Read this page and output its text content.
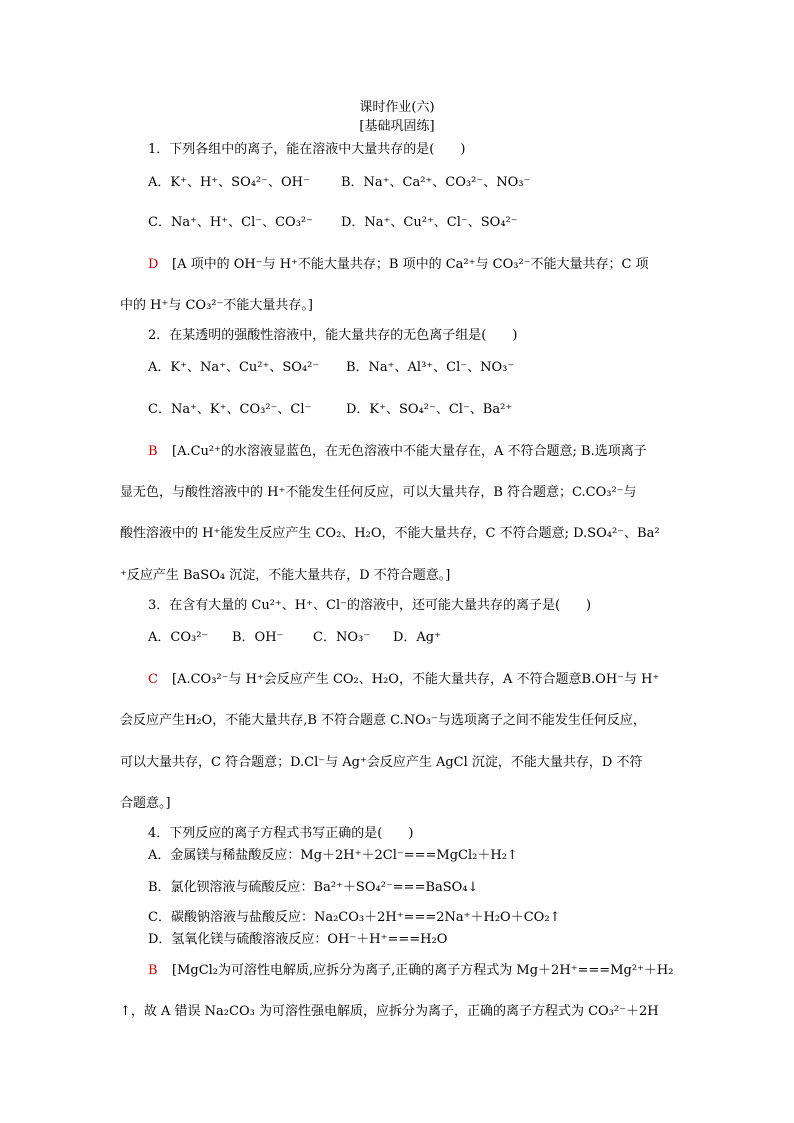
课时作业(六)
[基础巩固练]
1．下列各组中的离子，能在溶液中大量共存的是(　　)
A．K⁺、H⁺、SO₄²⁻、OH⁻ B．Na⁺、Ca²⁺、CO₃²⁻、NO₃⁻
C．Na⁺、H⁺、Cl⁻、CO₃²⁻ D．Na⁺、Cu²⁺、Cl⁻、SO₄²⁻
D [A 项中的 OH⁻与 H⁺不能大量共存；B 项中的 Ca²⁺与 CO₃²⁻不能大量共存；C 项
中的 H⁺与 CO₃²⁻不能大量共存。]
2．在某透明的强酸性溶液中，能大量共存的无色离子组是(　　)
A．K⁺、Na⁺、Cu²⁺、SO₄²⁻ B．Na⁺、Al³⁺、Cl⁻、NO₃⁻
C．Na⁺、K⁺、CO₃²⁻、Cl⁻	D．K⁺、SO₄²⁻、Cl⁻、Ba²⁺
B [A.Cu²⁺的水溶液显蓝色，在无色溶液中不能大量存在，A 不符合题意; B.选项离子
显无色，与酸性溶液中的 H⁺不能发生任何反应，可以大量共存，B 符合题意；C.CO₃²⁻与
酸性溶液中的 H⁺能发生反应产生 CO₂、H₂O，不能大量共存，C 不符合题意; D.SO₄²⁻、Ba²
⁺反应产生 BaSO₄ 沉淀，不能大量共存，D 不符合题意。]
3．在含有大量的 Cu²⁺、H⁺、Cl⁻的溶液中，还可能大量共存的离子是(　　)
A．CO₃²⁻ B．OH⁻ C．NO₃⁻ D．Ag⁺
C [A.CO₃²⁻与 H⁺会反应产生 CO₂、H₂O，不能大量共存，A 不符合题意B.OH⁻与 H⁺
会反应产生H₂O，不能大量共存,B 不符合题意 C.NO₃⁻与选项离子之间不能发生任何反应，
可以大量共存，C 符合题意；D.Cl⁻与 Ag⁺会反应产生 AgCl 沉淀，不能大量共存，D 不符
合题意。]
4．下列反应的离子方程式书写正确的是(　　)
A．金属镁与稀盐酸反应：Mg＋2H⁺＋2Cl⁻===MgCl₂＋H₂↑
B．氯化钡溶液与硫酸反应：Ba²⁺＋SO₄²⁻===BaSO₄↓
C．碳酸钠溶液与盐酸反应：Na₂CO₃＋2H⁺===2Na⁺＋H₂O＋CO₂↑
D．氢氧化镁与硫酸溶液反应：OH⁻＋H⁺===H₂O
B [MgCl₂为可溶性电解质,应拆分为离子,正确的离子方程式为 Mg＋2H⁺===Mg²⁺＋H₂
↑，故 A 错误 Na₂CO₃ 为可溶性强电解质，应拆分为离子，正确的离子方程式为 CO₃²⁻＋2H
